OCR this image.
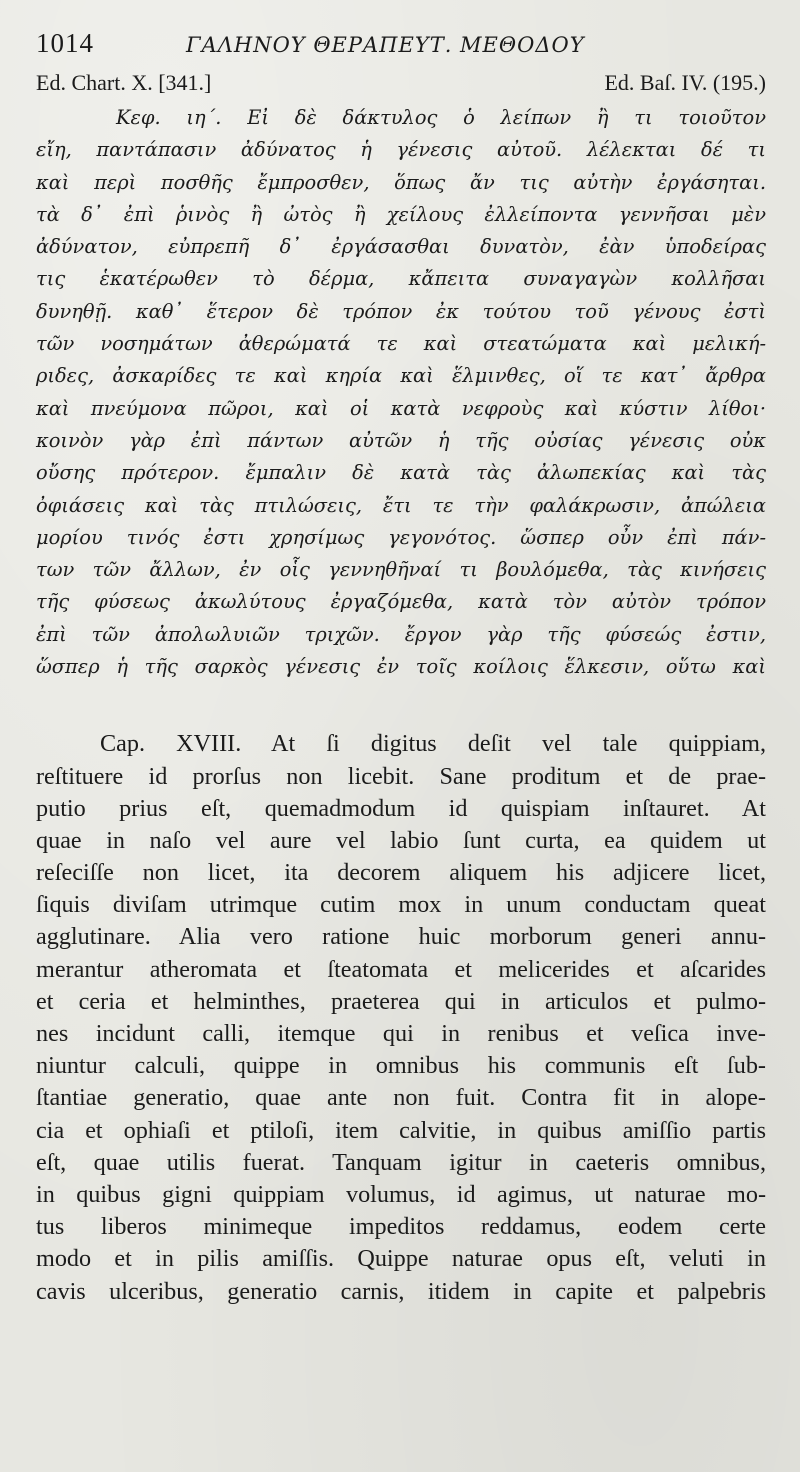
1014	ΓΑΛΗΝΟΥ ΘΕΡΑΠΕΥΤ. ΜΕΘΟΔΟΥ
Ed. Chart. X. [341.]	Ed. Baſ. IV. (195.)
Κεφ. ιη΄. Εἰ δὲ δάκτυλος ὁ λείπων ἢ τι τοιοῦτον
εἴη, παντάπασιν ἀδύνατος ἡ γένεσις αὐτοῦ. λέλεκται δέ τι
καὶ περὶ ποσθῆς ἔμπροσθεν, ὅπως ἄν τις αὐτὴν ἐργάσηται.
τὰ δ᾽ ἐπὶ ῥινὸς ἢ ὠτὸς ἢ χείλους ἐλλείποντα γεννῆσαι μὲν
ἀδύνατον, εὐπρεπῆ δ᾽ ἐργάσασθαι δυνατὸν, ἐὰν ὑποδείρας
τις ἑκατέρωθεν τὸ δέρμα, κἄπειτα συναγαγὼν κολλῆσαι
δυνηθῇ. καθ᾽ ἕτερον δὲ τρόπον ἐκ τούτου τοῦ γένους ἐστὶ
τῶν νοσημάτων ἀθερώματά τε καὶ στεατώματα καὶ μελική-
ριδες, ἀσκαρίδες τε καὶ κηρία καὶ ἕλμινθες, οἵ τε κατ᾽ ἄρθρα
καὶ πνεύμονα πῶροι, καὶ οἱ κατὰ νεφροὺς καὶ κύστιν λίθοι·
κοινὸν γὰρ ἐπὶ πάντων αὐτῶν ἡ τῆς οὐσίας γένεσις οὐκ
οὔσης πρότερον. ἔμπαλιν δὲ κατὰ τὰς ἀλωπεκίας καὶ τὰς
ὀφιάσεις καὶ τὰς πτιλώσεις, ἔτι τε τὴν φαλάκρωσιν, ἀπώλεια
μορίου τινός ἐστι χρησίμως γεγονότος. ὥσπερ οὖν ἐπὶ πάν-
των τῶν ἄλλων, ἐν οἷς γεννηθῆναί τι βουλόμεθα, τὰς κινήσεις
τῆς φύσεως ἀκωλύτους ἐργαζόμεθα, κατὰ τὸν αὐτὸν τρόπον
ἐπὶ τῶν ἀπολωλυιῶν τριχῶν. ἔργον γὰρ τῆς φύσεώς ἐστιν,
ὥσπερ ἡ τῆς σαρκὸς γένεσις ἐν τοῖς κοίλοις ἕλκεσιν, οὕτω καὶ
Cap. XVIII. At ſi digitus deſit vel tale quippiam,
reſtituere id prorſus non licebit. Sane proditum et de prae-
putio prius eſt, quemadmodum id quispiam inſtauret. At
quae in naſo vel aure vel labio ſunt curta, ea quidem ut
reſeciſſe non licet, ita decorem aliquem his adjicere licet,
ſiquis diviſam utrimque cutim mox in unum conductam queat
agglutinare. Alia vero ratione huic morborum generi annu-
merantur atheromata et ſteatomata et melicerides et aſcarides
et ceria et helminthes, praeterea qui in articulos et pulmo-
nes incidunt calli, itemque qui in renibus et veſica inve-
niuntur calculi, quippe in omnibus his communis eſt ſub-
ſtantiae generatio, quae ante non fuit. Contra fit in alope-
cia et ophiaſi et ptiloſi, item calvitie, in quibus amiſſio partis
eſt, quae utilis fuerat. Tanquam igitur in caeteris omnibus,
in quibus gigni quippiam volumus, id agimus, ut naturae mo-
tus liberos minimeque impeditos reddamus, eodem certe
modo et in pilis amiſſis. Quippe naturae opus eſt, veluti in
cavis ulceribus, generatio carnis, itidem in capite et palpebris
